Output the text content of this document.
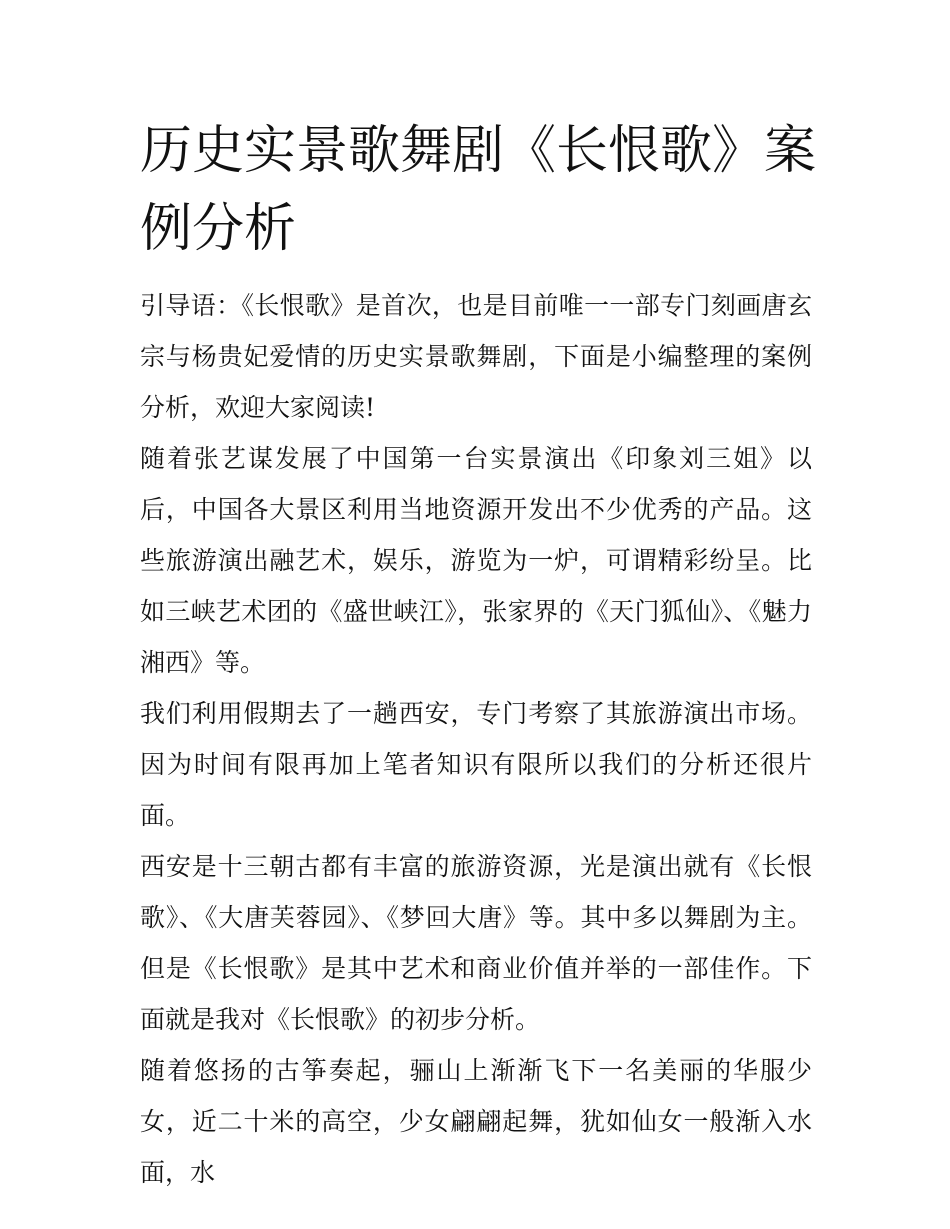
历史实景歌舞剧《长恨歌》案例分析

引导语：《长恨歌》是首次，也是目前唯一一部专门刻画唐玄宗与杨贵妃爱情的历史实景歌舞剧，下面是小编整理的案例分析，欢迎大家阅读!

随着张艺谋发展了中国第一台实景演出《印象刘三姐》以后，中国各大景区利用当地资源开发出不少优秀的产品。这些旅游演出融艺术，娱乐，游览为一炉，可谓精彩纷呈。比如三峡艺术团的《盛世峡江》，张家界的《天门狐仙》、《魅力湘西》等。

我们利用假期去了一趟西安，专门考察了其旅游演出市场。因为时间有限再加上笔者知识有限所以我们的分析还很片面。

西安是十三朝古都有丰富的旅游资源，光是演出就有《长恨歌》、《大唐芙蓉园》、《梦回大唐》等。其中多以舞剧为主。但是《长恨歌》是其中艺术和商业价值并举的一部佳作。下面就是我对《长恨歌》的初步分析。

随着悠扬的古筝奏起，骊山上渐渐飞下一名美丽的华服少女，近二十米的高空，少女翩翩起舞，犹如仙女一般渐入水面，水
